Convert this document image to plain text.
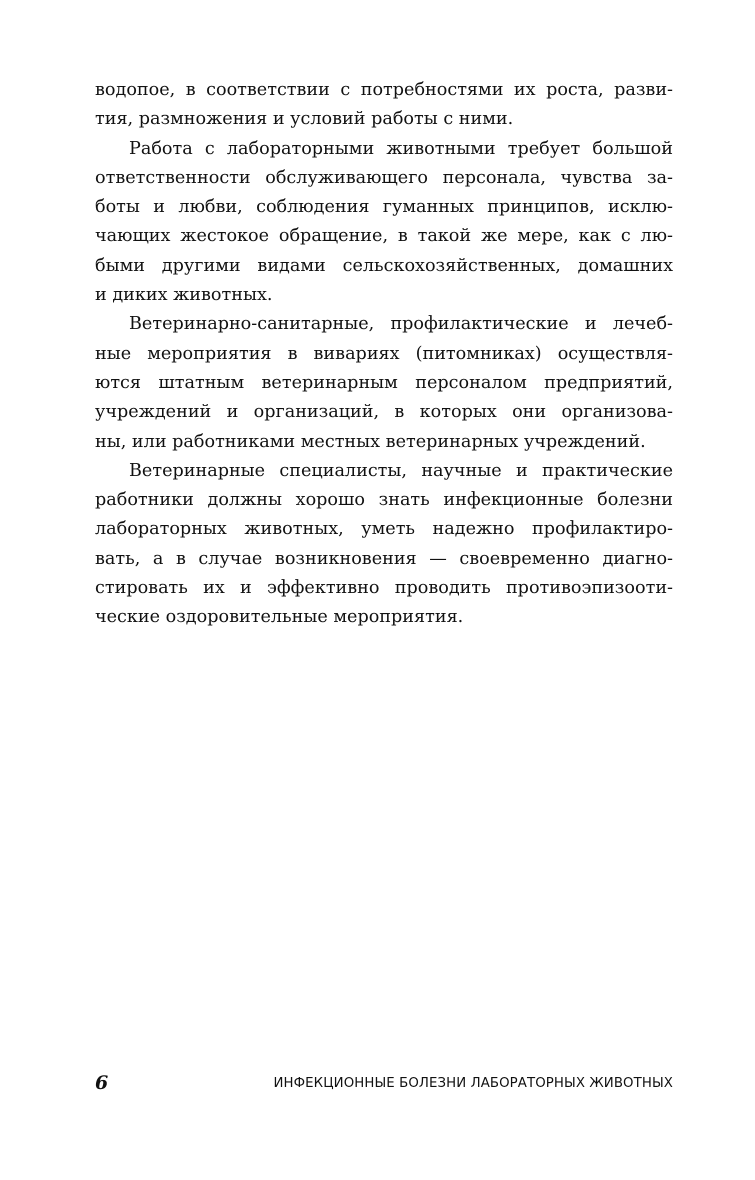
водопое, в соответствии с потребностями их роста, разви-
тия, размножения и условий работы с ними.
Работа с лабораторными животными требует большой
ответственности обслуживающего персонала, чувства за-
боты и любви, соблюдения гуманных принципов, исклю-
чающих жестокое обращение, в такой же мере, как с лю-
быми другими видами сельскохозяйственных, домашних
и диких животных.
Ветеринарно-санитарные, профилактические и лечеб-
ные мероприятия в вивариях (питомниках) осуществля-
ются штатным ветеринарным персоналом предприятий,
учреждений и организаций, в которых они организова-
ны, или работниками местных ветеринарных учреждений.
Ветеринарные специалисты, научные и практические
работники должны хорошо знать инфекционные болезни
лабораторных животных, уметь надежно профилактиро-
вать, а в случае возникновения — своевременно диагно-
стировать их и эффективно проводить противоэпизооти-
ческие оздоровительные мероприятия.
6	ИНФЕКЦИОННЫЕ БОЛЕЗНИ ЛАБОРАТОРНЫХ ЖИВОТНЫХ
